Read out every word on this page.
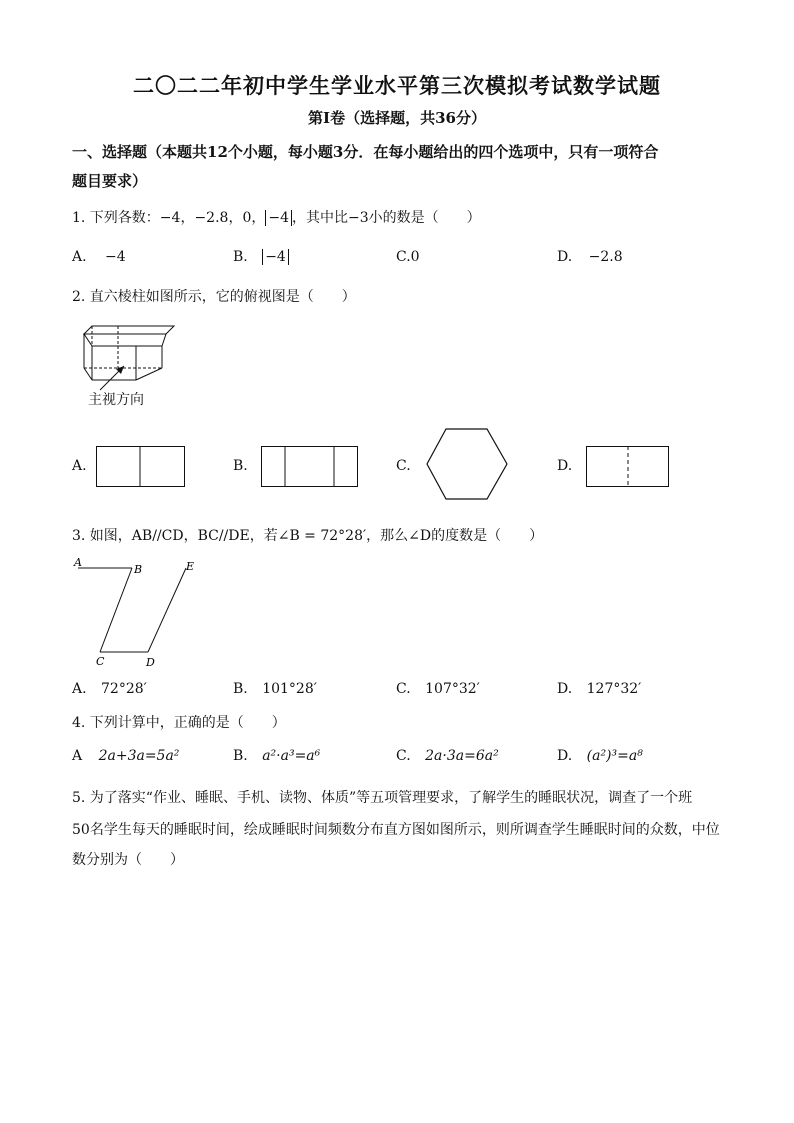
二〇二二年初中学生学业水平第三次模拟考试数学试题
第Ⅰ卷（选择题，共36分）
一、选择题（本题共12个小题，每小题3分．在每小题给出的四个选项中，只有一项符合
题目要求）
1. 下列各数：−4，−2.8，0， −4 ，其中比−3小的数是（　　）
A. −4	B. −4	C.0	D. −2.8
2. 直六棱柱如图所示，它的俯视图是（　　）
主视方向
A.	B.	C.	D.
3. 如图，AB//CD，BC//DE，若∠B = 72°28′，那么∠D的度数是（　　）
A
B
C	D
E
A. 72°28′	B. 101°28′	C. 107°32′	D. 127°32′
4. 下列计算中，正确的是（　　）
A 2a+3a=5a²	B. a²·a³=a⁶	C. 2a·3a=6a²	D. (a²)³=a⁸
5. 为了落实“作业、睡眠、手机、读物、体质”等五项管理要求，了解学生的睡眠状况，调查了一个班
50名学生每天的睡眠时间，绘成睡眠时间频数分布直方图如图所示，则所调查学生睡眠时间的众数，中位
数分别为（　　）
